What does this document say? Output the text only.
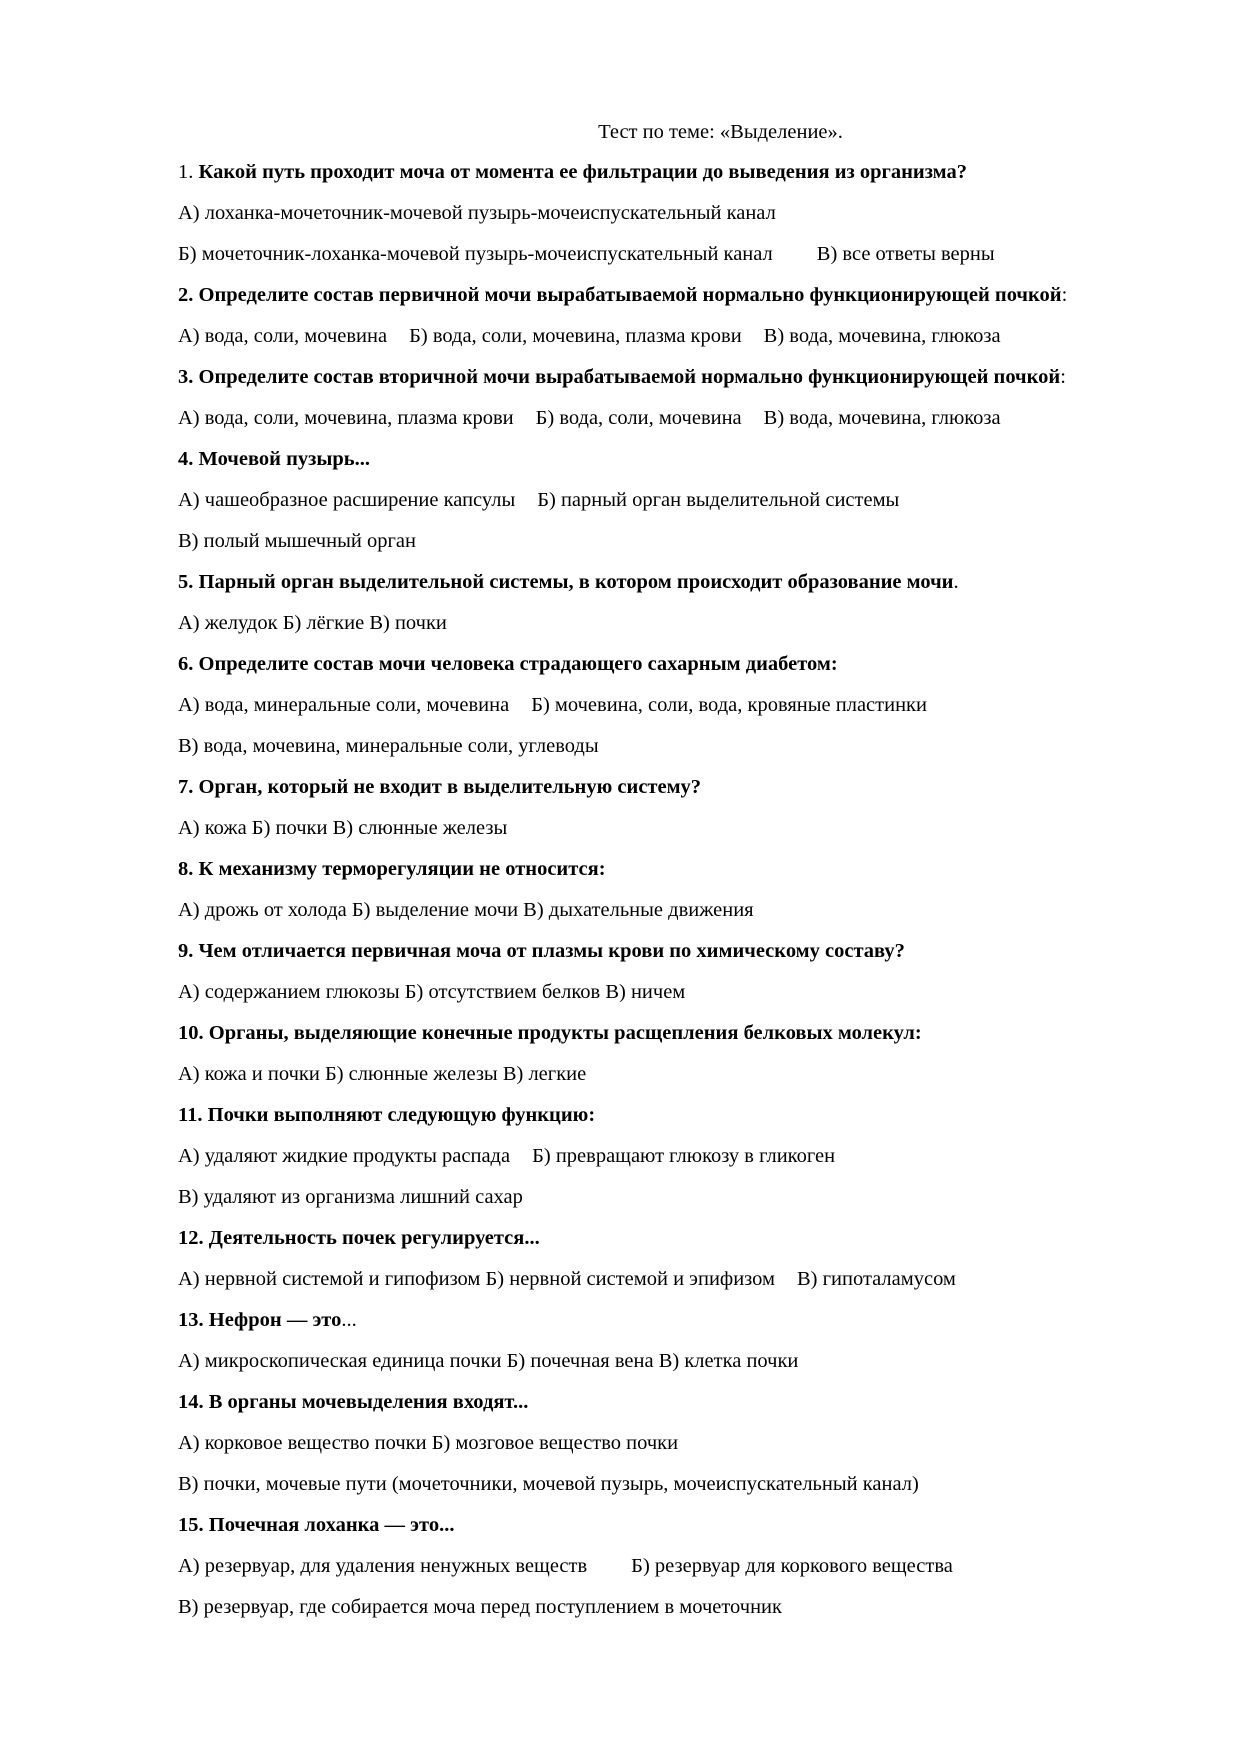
Тест по теме: «Выделение».
1. Какой путь проходит моча от момента ее фильтрации до выведения из организма?
А) лоханка-мочеточник-мочевой пузырь-мочеиспускательный канал
Б) мочеточник-лоханка-мочевой пузырь-мочеиспускательный канал В) все ответы верны
2. Определите состав первичной мочи вырабатываемой нормально функционирующей почкой:
А) вода, соли, мочевина Б) вода, соли, мочевина, плазма крови В) вода, мочевина, глюкоза
3. Определите состав вторичной мочи вырабатываемой нормально функционирующей почкой:
А) вода, соли, мочевина, плазма крови Б) вода, соли, мочевина В) вода, мочевина, глюкоза
4. Мочевой пузырь...
А) чашеобразное расширение капсулы Б) парный орган выделительной системы
В) полый мышечный орган
5. Парный орган выделительной системы, в котором происходит образование мочи.
А) желудок Б) лёгкие В) почки
6. Определите состав мочи человека страдающего сахарным диабетом:
А) вода, минеральные соли, мочевина Б) мочевина, соли, вода, кровяные пластинки
В) вода, мочевина, минеральные соли, углеводы
7. Орган, который не входит в выделительную систему?
А) кожа Б) почки В) слюнные железы
8. К механизму терморегуляции не относится:
А) дрожь от холода Б) выделение мочи В) дыхательные движения
9. Чем отличается первичная моча от плазмы крови по химическому составу?
А) содержанием глюкозы Б) отсутствием белков В) ничем
10. Органы, выделяющие конечные продукты расщепления белковых молекул:
А) кожа и почки Б) слюнные железы В) легкие
11. Почки выполняют следующую функцию:
А) удаляют жидкие продукты распада Б) превращают глюкозу в гликоген
В) удаляют из организма лишний сахар
12. Деятельность почек регулируется...
А) нервной системой и гипофизом Б) нервной системой и эпифизом В) гипоталамусом
13. Нефрон — это...
А) микроскопическая единица почки Б) почечная вена В) клетка почки
14. В органы мочевыделения входят...
А) корковое вещество почки Б) мозговое вещество почки
В) почки, мочевые пути (мочеточники, мочевой пузырь, мочеиспускательный канал)
15. Почечная лоханка — это...
А) резервуар, для удаления ненужных веществ Б) резервуар для коркового вещества
В) резервуар, где собирается моча перед поступлением в мочеточник
